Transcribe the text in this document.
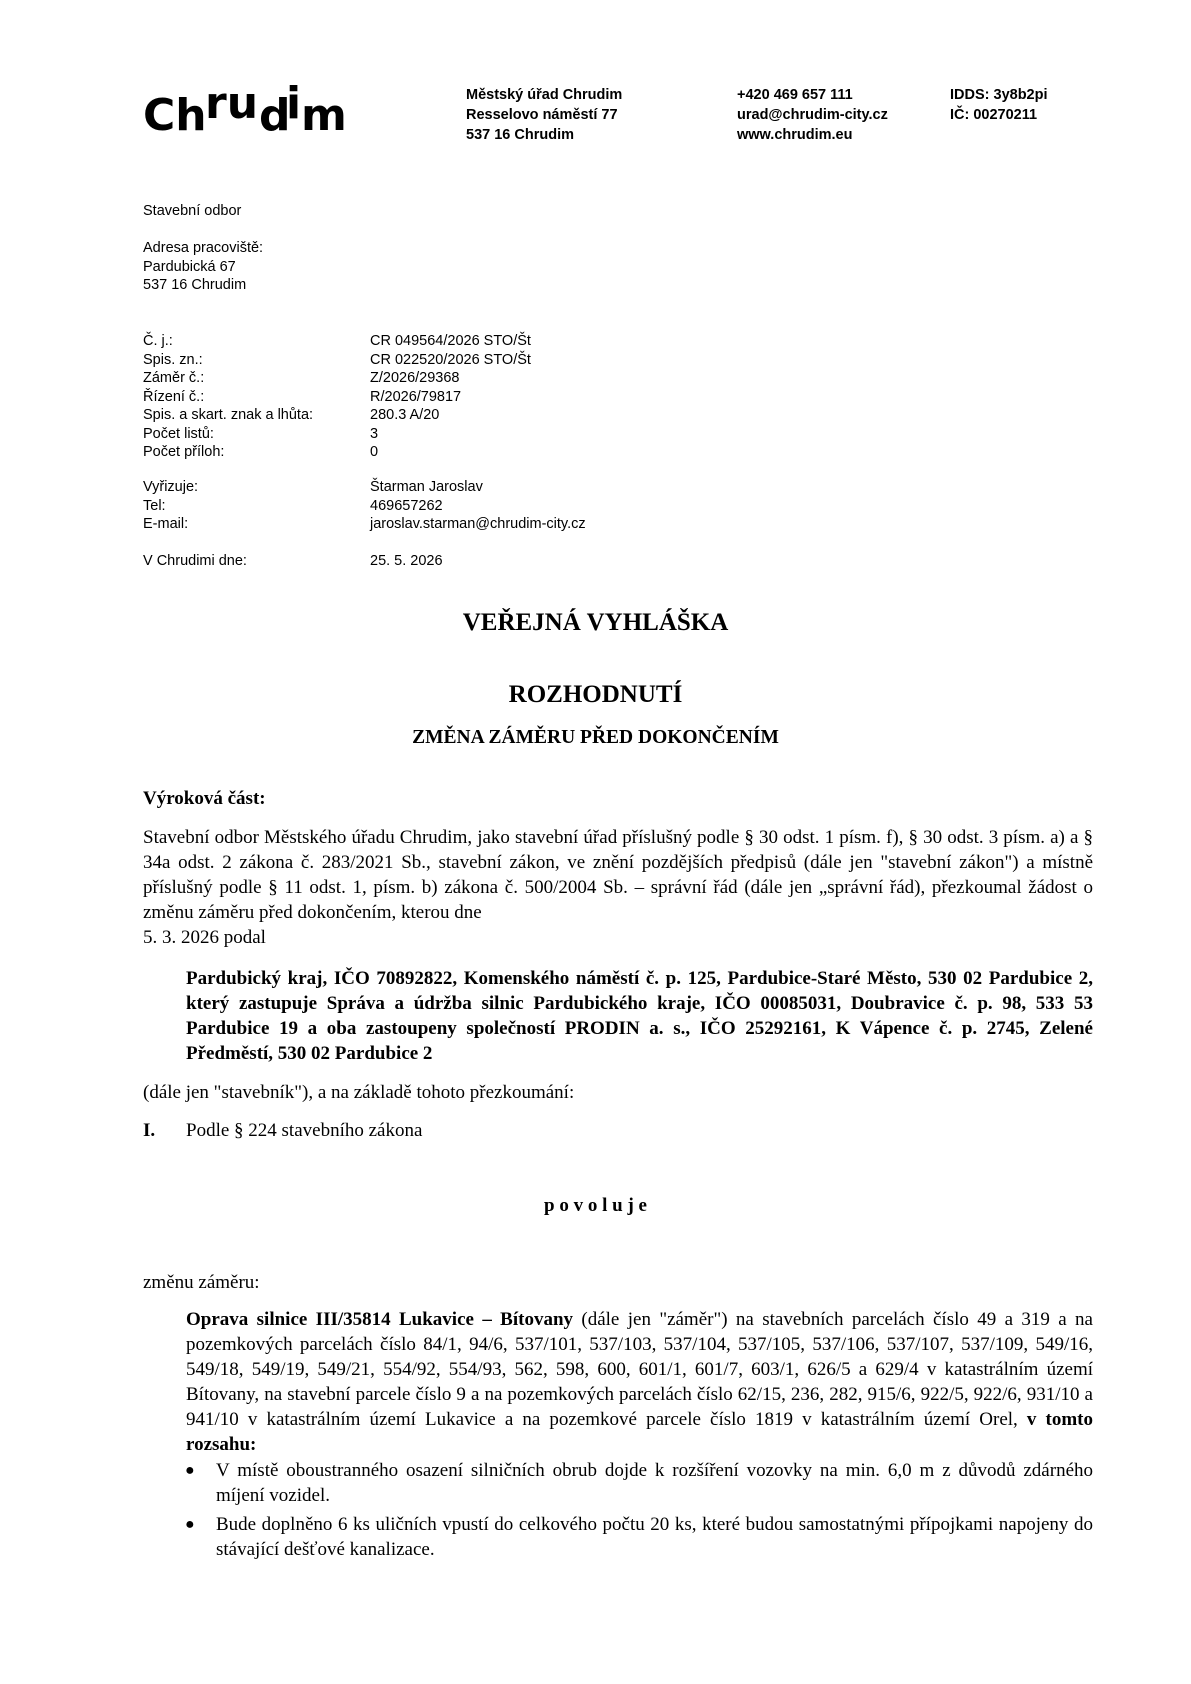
Ch
ru d
i m	Městský úřad Chrudim
Resselovo náměstí 77
537 16 Chrudim
+420 469 657 111
urad@chrudim-city.cz
www.chrudim.eu
IDDS: 3y8b2pi
IČ: 00270211
Stavební odbor
Adresa pracoviště:
Pardubická 67
537 16 Chrudim
Č. j.:	CR 049564/2026 STO/Št
Spis. zn.:	CR 022520/2026 STO/Št
Záměr č.:	Z/2026/29368
Řízení č.:	R/2026/79817
Spis. a skart. znak a lhůta:	280.3 A/20
Počet listů:	3
Počet příloh:	0
Vyřizuje:	Štarman Jaroslav
Tel:	469657262
E-mail:	jaroslav.starman@chrudim-city.cz
V Chrudimi dne:	25. 5. 2026
VEŘEJNÁ VYHLÁŠKA
ROZHODNUTÍ
ZMĚNA ZÁMĚRU PŘED DOKONČENÍM
Výroková část:
Stavební odbor Městského úřadu Chrudim, jako stavební úřad příslušný podle § 30 odst. 1 písm. f), § 30 odst. 3 písm. a) a § 34a odst. 2 zákona č. 283/2021 Sb., stavební zákon, ve znění pozdějších předpisů (dále jen "stavební zákon") a místně příslušný podle § 11 odst. 1, písm. b) zákona č. 500/2004 Sb. – správní řád (dále jen „správní řád), přezkoumal žádost o změnu záměru před dokončením, kterou dne
5. 3. 2026 podal
Pardubický kraj, IČO 70892822, Komenského náměstí č. p. 125, Pardubice-Staré Město, 530 02 Pardubice 2, který zastupuje Správa a údržba silnic Pardubického kraje, IČO 00085031, Doubravice č. p. 98, 533 53 Pardubice 19 a oba zastoupeny společností PRODIN a. s., IČO 25292161, K Vápence č. p. 2745, Zelené Předměstí, 530 02 Pardubice 2
(dále jen "stavebník"), a na základě tohoto přezkoumání:
I. Podle § 224 stavebního zákona
p o v o l u j e
změnu záměru:
Oprava silnice III/35814 Lukavice – Bítovany (dále jen "záměr") na stavebních parcelách číslo 49 a 319 a na pozemkových parcelách číslo 84/1, 94/6, 537/101, 537/103, 537/104, 537/105, 537/106, 537/107, 537/109, 549/16, 549/18, 549/19, 549/21, 554/92, 554/93, 562, 598, 600, 601/1, 601/7, 603/1, 626/5 a 629/4 v katastrálním území Bítovany, na stavební parcele číslo 9 a na pozemkových parcelách číslo 62/15, 236, 282, 915/6, 922/5, 922/6, 931/10 a 941/10 v katastrálním území Lukavice a na pozemkové parcele číslo 1819 v katastrálním území Orel, v tomto rozsahu:
● V místě oboustranného osazení silničních obrub dojde k rozšíření vozovky na min. 6,0 m z důvodů zdárného míjení vozidel.
● Bude doplněno 6 ks uličních vpustí do celkového počtu 20 ks, které budou samostatnými přípojkami napojeny do stávající dešťové kanalizace.
